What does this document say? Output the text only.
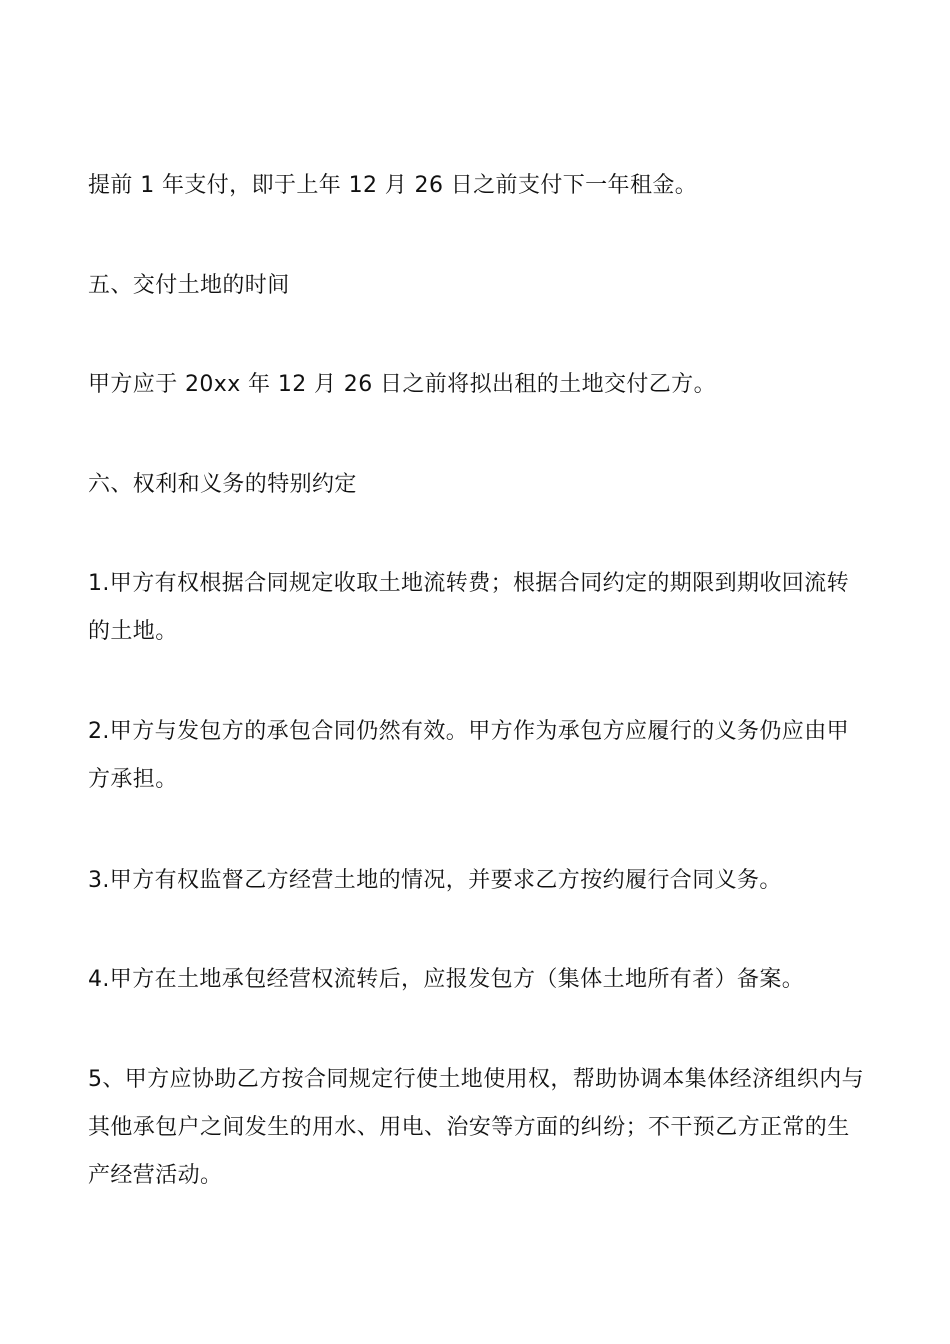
提前 1 年支付，即于上年 12 月 26 日之前支付下一年租金。
五、交付土地的时间
甲方应于 20xx 年 12 月 26 日之前将拟出租的土地交付乙方。
六、权利和义务的特别约定
1.甲方有权根据合同规定收取土地流转费；根据合同约定的期限到期收回流转的土地。
2.甲方与发包方的承包合同仍然有效。甲方作为承包方应履行的义务仍应由甲方承担。
3.甲方有权监督乙方经营土地的情况，并要求乙方按约履行合同义务。
4.甲方在土地承包经营权流转后，应报发包方（集体土地所有者）备案。
5、甲方应协助乙方按合同规定行使土地使用权，帮助协调本集体经济组织内与其他承包户之间发生的用水、用电、治安等方面的纠纷；不干预乙方正常的生产经营活动。
